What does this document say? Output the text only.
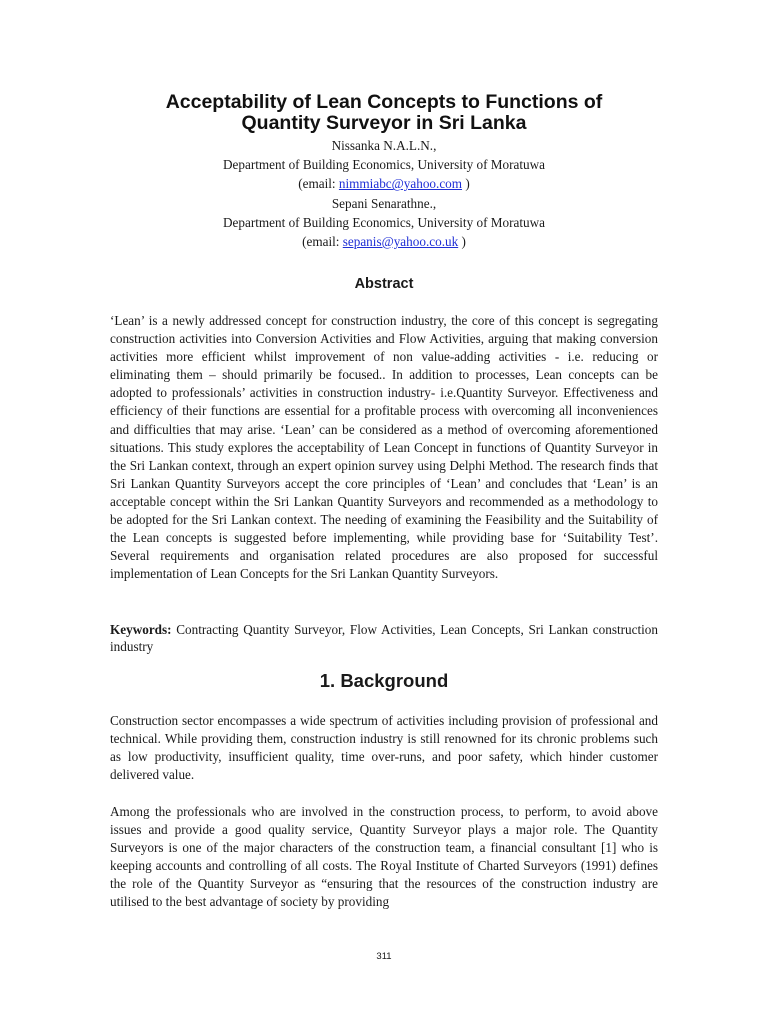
Acceptability of Lean Concepts to Functions of
Quantity Surveyor in Sri Lanka
Nissanka N.A.L.N.,
Department of Building Economics, University of Moratuwa
(email: nimmiabc@yahoo.com )
Sepani Senarathne.,
Department of Building Economics, University of Moratuwa
(email: sepanis@yahoo.co.uk )
Abstract

‘Lean’ is a newly addressed concept for construction industry, the core of this concept is segregating construction activities into Conversion Activities and Flow Activities, arguing that making conversion activities more efficient whilst improvement of non value-adding activities - i.e. reducing or eliminating them – should primarily be focused.. In addition to processes, Lean concepts can be adopted to professionals’ activities in construction industry- i.e.Quantity Surveyor. Effectiveness and efficiency of their functions are essential for a profitable process with overcoming all inconveniences and difficulties that may arise. ‘Lean’ can be considered as a method of overcoming aforementioned situations. This study explores the acceptability of Lean Concept in functions of Quantity Surveyor in the Sri Lankan context, through an expert opinion survey using Delphi Method. The research finds that Sri Lankan Quantity Surveyors accept the core principles of ‘Lean’ and concludes that ‘Lean’ is an acceptable concept within the Sri Lankan Quantity Surveyors and recommended as a methodology to be adopted for the Sri Lankan context. The needing of examining the Feasibility and the Suitability of the Lean concepts is suggested before implementing, while providing base for ‘Suitability Test’. Several requirements and organisation related procedures are also proposed for successful implementation of Lean Concepts for the Sri Lankan Quantity Surveyors.

Keywords: Contracting Quantity Surveyor, Flow Activities, Lean Concepts, Sri Lankan construction industry

1. Background

Construction sector encompasses a wide spectrum of activities including provision of professional and technical. While providing them, construction industry is still renowned for its chronic problems such as low productivity, insufficient quality, time over-runs, and poor safety, which hinder customer delivered value.

Among the professionals who are involved in the construction process, to perform, to avoid above issues and provide a good quality service, Quantity Surveyor plays a major role. The Quantity Surveyors is one of the major characters of the construction team, a financial consultant [1] who is keeping accounts and controlling of all costs. The Royal Institute of Charted Surveyors (1991) defines the role of the Quantity Surveyor as “ensuring that the resources of the construction industry are utilised to the best advantage of society by providing

311
